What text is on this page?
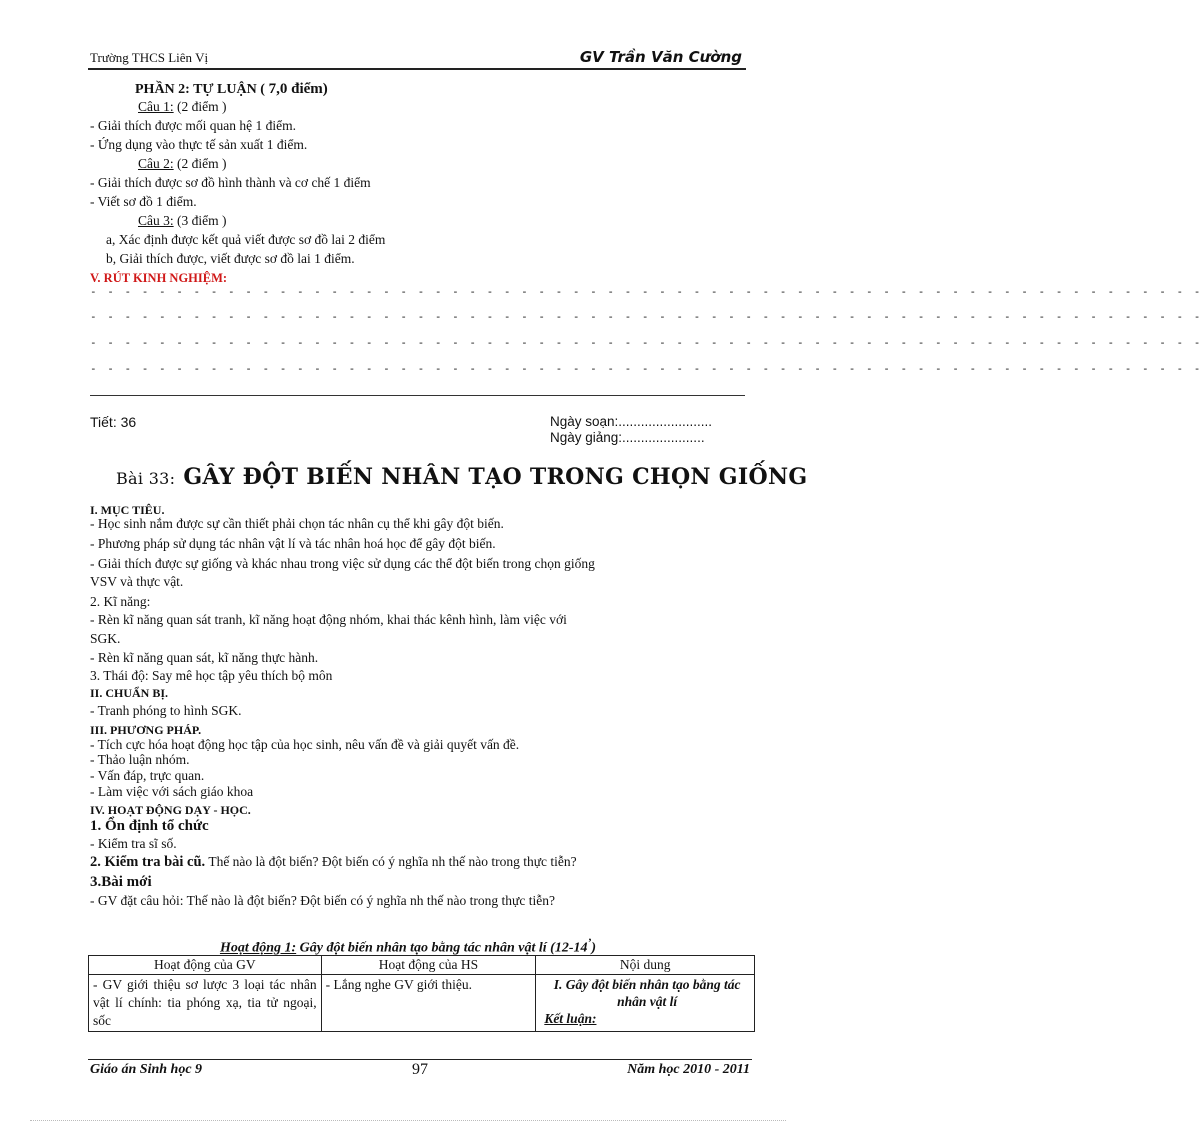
Trường THCS Liên Vị	GV Trần Văn Cường
PHẦN 2: TỰ LUẬN ( 7,0 điểm)
Câu 1: (2 điểm )
- Giải thích được mối quan hệ 1 điểm.
- Ứng dụng vào thực tế sản xuất 1 điểm.
Câu 2: (2 điểm )
- Giải thích được sơ đồ hình thành và cơ chế 1 điểm
- Viết sơ đồ 1 điểm.
Câu 3: (3 điểm )
a, Xác định được kết quả viết được sơ đồ lai 2 điểm
b, Giải thích được, viết được sơ đồ lai 1 điểm.
V. RÚT KINH NGHIỆM:
- - - - - - - - - - - - - - - - - - - - - - - - - - - - - - - - - - - - - - - - - - - - - - - - - - - - - - - - - - - - - - - - -
- - - - - - - - - - - - - - - - - - - - - - - - - - - - - - - - - - - - - - - - - - - - - - - - - - - - - - - - - - - - - - - - -
- - - - - - - - - - - - - - - - - - - - - - - - - - - - - - - - - - - - - - - - - - - - - - - - - - - - - - - - - - - - - - - - -
- - - - - - - - - - - - - - - - - - - - - - - - - - - - - - - - - - - - - - - - - - - - - - - - - - - - - - - - - - - - - - - - -
Tiết: 36	Ngày soạn:.........................
Ngày giảng:......................
Bài 33: GÂY ĐỘT BIẾN NHÂN TẠO TRONG CHỌN GIỐNG
I. MỤC TIÊU.
- Học sinh nắm được sự cần thiết phải chọn tác nhân cụ thể khi gây đột biến.
- Phương pháp sử dụng tác nhân vật lí và tác nhân hoá học để gây đột biến.
- Giải thích được sự giống và khác nhau trong việc sử dụng các thể đột biến trong chọn giống
VSV và thực vật.
2. Kĩ năng:
- Rèn kĩ năng quan sát tranh, kĩ năng hoạt động nhóm, khai thác kênh hình, làm việc với
SGK.
- Rèn kĩ năng quan sát, kĩ năng thực hành.
3. Thái độ: Say mê học tập yêu thích bộ môn
II. CHUẨN BỊ.
- Tranh phóng to hình SGK.
III. PHƯƠNG PHÁP.
- Tích cực hóa hoạt động học tập của học sinh, nêu vấn đề và giải quyết vấn đề.
- Thảo luận nhóm.
- Vấn đáp, trực quan.
- Làm việc với sách giáo khoa
IV. HOẠT ĐỘNG DẠY - HỌC.
1. Ổn định tổ chức
- Kiểm tra sĩ số.
2. Kiểm tra bài cũ. Thế nào là đột biến? Đột biến có ý nghĩa nh thế nào trong thực tiễn?
3.Bài mới
- GV đặt câu hỏi: Thế nào là đột biến? Đột biến có ý nghĩa nh thế nào trong thực tiễn?
Hoạt động 1: Gây đột biến nhân tạo bằng tác nhân vật lí (12-14’)
Hoạt động của GV	Hoạt động của HS	Nội dung
- GV giới thiệu sơ lược 3 loại tác nhân vật lí chính: tia phóng xạ, tia tử ngoại, sốc	- Lắng nghe GV giới thiệu.	I. Gây đột biến nhân tạo bằng tác nhân vật lí
Kết luận:
Giáo án Sinh học 9	97	Năm học 2010 - 2011
